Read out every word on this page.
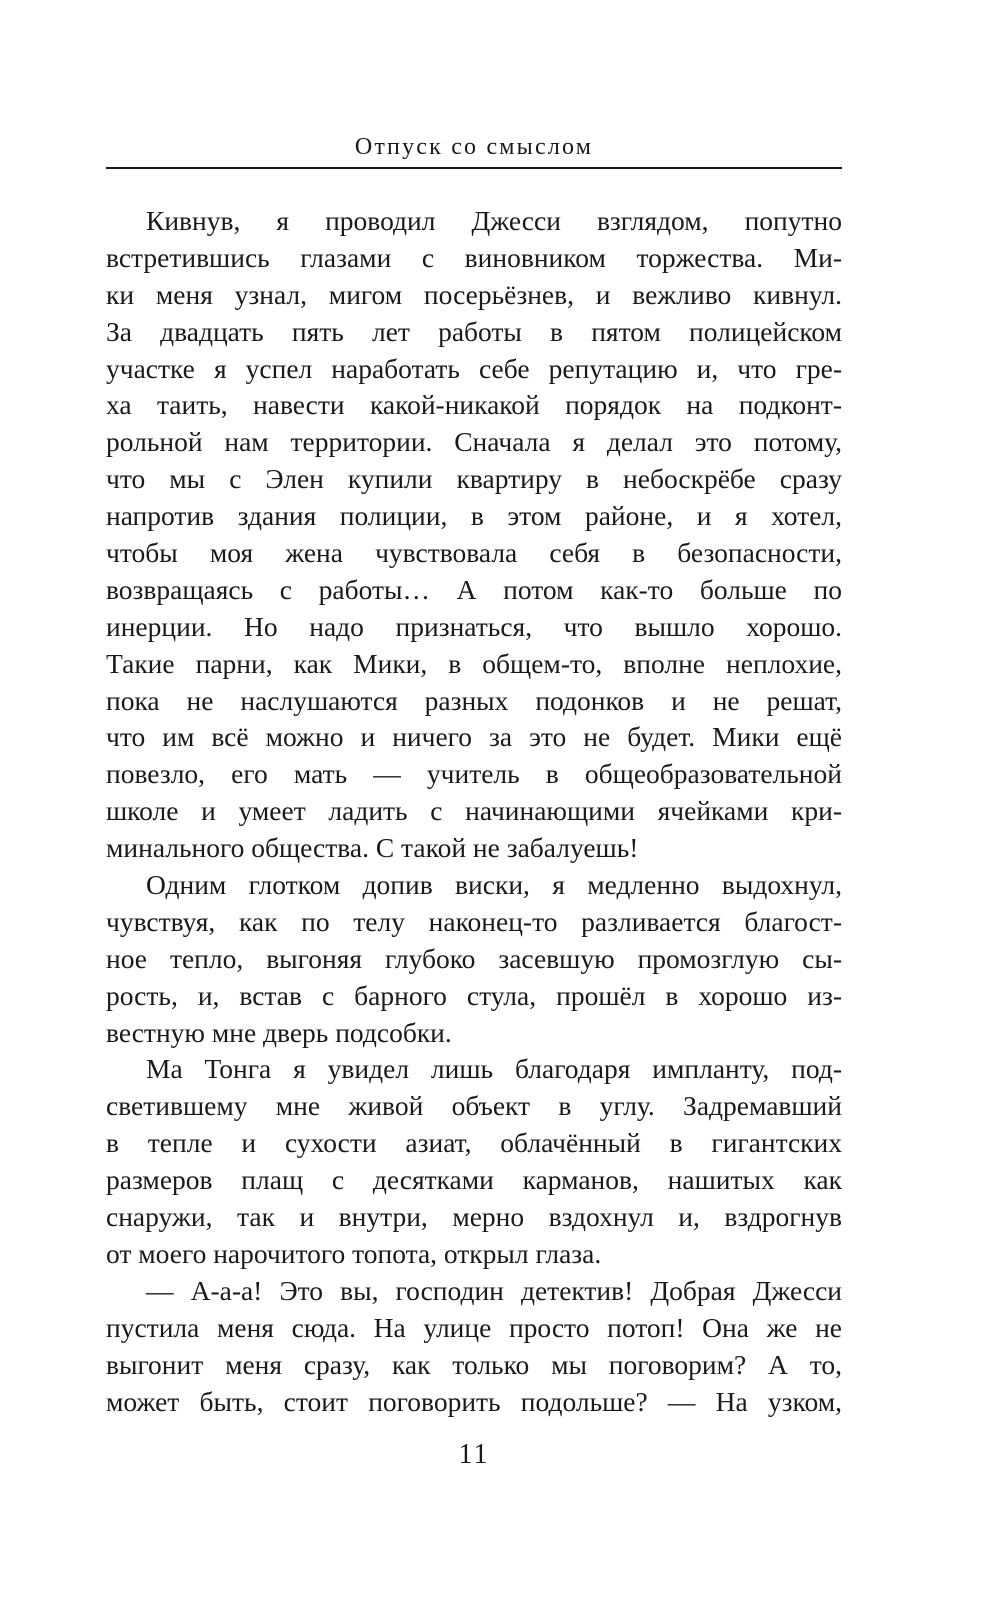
Отпуск со смыслом
Кивнув, я проводил Джесси взглядом, попутно
встретившись глазами с виновником торжества. Ми-
ки меня узнал, мигом посерьёзнев, и вежливо кивнул.
За двадцать пять лет работы в пятом полицейском
участке я успел наработать себе репутацию и, что гре-
ха таить, навести какой-никакой порядок на подконт-
рольной нам территории. Сначала я делал это потому,
что мы с Элен купили квартиру в небоскрёбе сразу
напротив здания полиции, в этом районе, и я хотел,
чтобы моя жена чувствовала себя в безопасности,
возвращаясь с работы… А потом как-то больше по
инерции. Но надо признаться, что вышло хорошо.
Такие парни, как Мики, в общем-то, вполне неплохие,
пока не наслушаются разных подонков и не решат,
что им всё можно и ничего за это не будет. Мики ещё
повезло, его мать — учитель в общеобразовательной
школе и умеет ладить с начинающими ячейками кри-
минального общества. С такой не забалуешь!
Одним глотком допив виски, я медленно выдохнул,
чувствуя, как по телу наконец-то разливается благост-
ное тепло, выгоняя глубоко засевшую промозглую сы-
рость, и, встав с барного стула, прошёл в хорошо из-
вестную мне дверь подсобки.
Ма Тонга я увидел лишь благодаря импланту, под-
светившему мне живой объект в углу. Задремавший
в тепле и сухости азиат, облачённый в гигантских
размеров плащ с десятками карманов, нашитых как
снаружи, так и внутри, мерно вздохнул и, вздрогнув
от моего нарочитого топота, открыл глаза.
— А-а-а! Это вы, господин детектив! Добрая Джесси
пустила меня сюда. На улице просто потоп! Она же не
выгонит меня сразу, как только мы поговорим? А то,
может быть, стоит поговорить подольше? — На узком,
11
